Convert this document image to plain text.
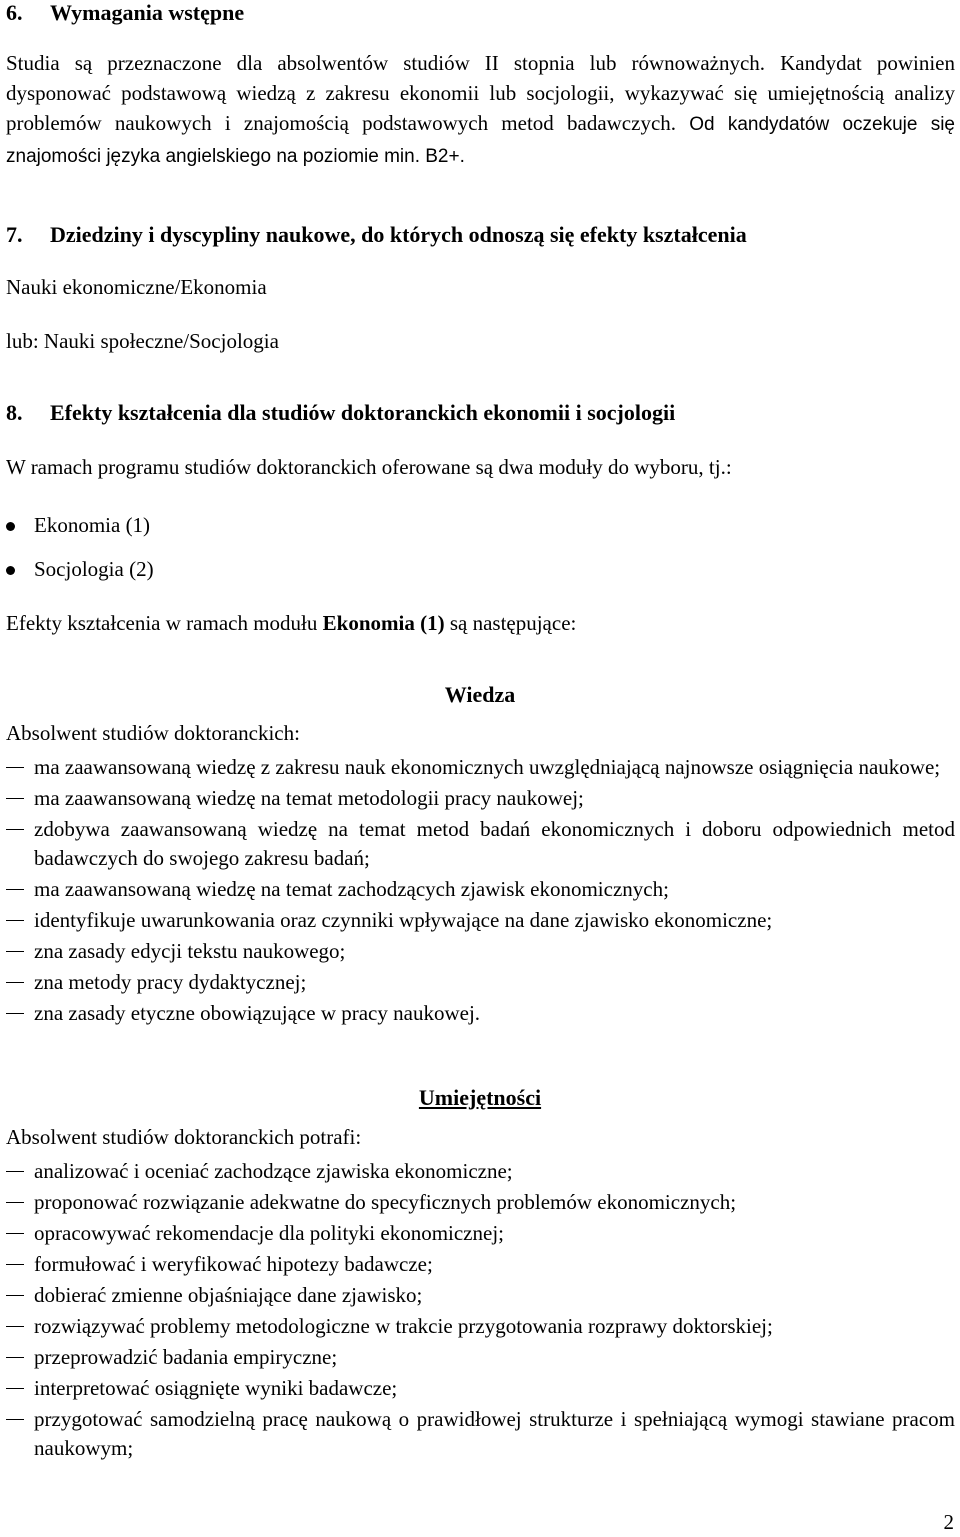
6. Wymagania wstępne
Studia są przeznaczone dla absolwentów studiów II stopnia lub równoważnych. Kandydat powinien dysponować podstawową wiedzą z zakresu ekonomii lub socjologii, wykazywać się umiejętnością analizy problemów naukowych i znajomością podstawowych metod badawczych. Od kandydatów oczekuje się znajomości języka angielskiego na poziomie min. B2+.
7. Dziedziny i dyscypliny naukowe, do których odnoszą się efekty kształcenia
Nauki ekonomiczne/Ekonomia
lub: Nauki społeczne/Socjologia
8. Efekty kształcenia dla studiów doktoranckich ekonomii i socjologii
W ramach programu studiów doktoranckich oferowane są dwa moduły do wyboru, tj.:
Ekonomia (1)
Socjologia (2)
Efekty kształcenia w ramach modułu Ekonomia (1) są następujące:
Wiedza
Absolwent studiów doktoranckich:
ma zaawansowaną wiedzę z zakresu nauk ekonomicznych uwzględniającą najnowsze osiągnięcia naukowe;
ma zaawansowaną wiedzę na temat metodologii pracy naukowej;
zdobywa zaawansowaną wiedzę na temat metod badań ekonomicznych i doboru odpowiednich metod badawczych do swojego zakresu badań;
ma zaawansowaną wiedzę na temat zachodzących zjawisk ekonomicznych;
identyfikuje uwarunkowania oraz czynniki wpływające na dane zjawisko ekonomiczne;
zna zasady edycji tekstu naukowego;
zna metody pracy dydaktycznej;
zna zasady etyczne obowiązujące w pracy naukowej.
Umiejętności
Absolwent studiów doktoranckich potrafi:
analizować i oceniać zachodzące zjawiska ekonomiczne;
proponować rozwiązanie adekwatne do specyficznych problemów ekonomicznych;
opracowywać rekomendacje dla polityki ekonomicznej;
formułować i weryfikować hipotezy badawcze;
dobierać zmienne objaśniające dane zjawisko;
rozwiązywać problemy metodologiczne w trakcie przygotowania rozprawy doktorskiej;
przeprowadzić badania empiryczne;
interpretować osiągnięte wyniki badawcze;
przygotować samodzielną pracę naukową o prawidłowej strukturze i spełniającą wymogi stawiane pracom naukowym;
2
